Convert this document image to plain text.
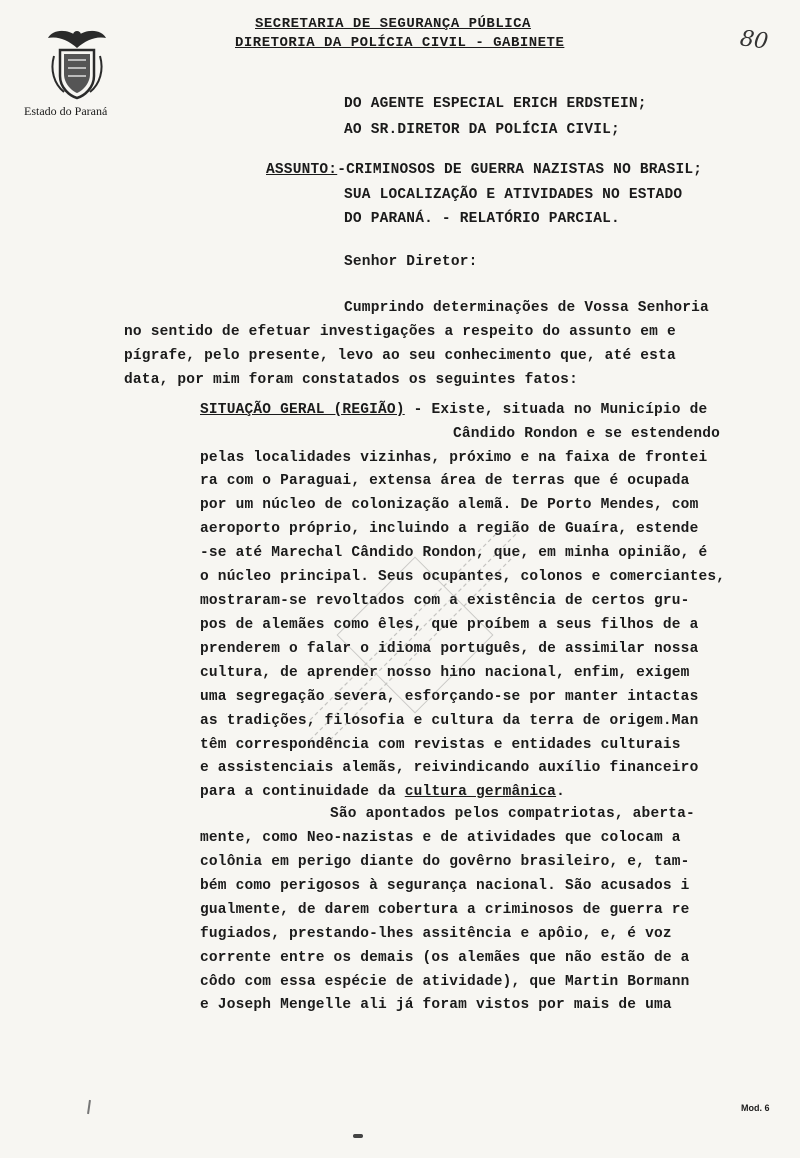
Estado do Paraná
SECRETARIA DE SEGURANÇA PÚBLICA
DIRETORIA DA POLÍCIA CIVIL - GABINETE	80
DO AGENTE ESPECIAL ERICH ERDSTEIN;
AO SR.DIRETOR DA POLÍCIA CIVIL;
ASSUNTO:-CRIMINOSOS DE GUERRA NAZISTAS NO BRASIL;
SUA LOCALIZAÇÃO E ATIVIDADES NO ESTADO
DO PARANÁ. - RELATÓRIO PARCIAL.
Senhor Diretor:
Cumprindo determinações de Vossa Senhoria
no sentido de efetuar investigações a respeito do assunto em e
pígrafe, pelo presente, levo ao seu conhecimento que, até esta
data, por mim foram constatados os seguintes fatos:
SITUAÇÃO GERAL (REGIÃO) - Existe, situada no Município de
Cândido Rondon e se estendendo
pelas localidades vizinhas, próximo e na faixa de frontei
ra com o Paraguai, extensa área de terras que é ocupada
por um núcleo de colonização alemã. De Porto Mendes, com
aeroporto próprio, incluindo a região de Guaíra, estende
-se até Marechal Cândido Rondon, que, em minha opinião, é
o núcleo principal. Seus ocupantes, colonos e comerciantes,
mostraram-se revoltados com a existência de certos gru-
pos de alemães como êles, que proíbem a seus filhos de a
prenderem o falar o idioma português, de assimilar nossa
cultura, de aprender nosso hino nacional, enfim, exigem
uma segregação severa, esforçando-se por manter intactas
as tradições, filosofia e cultura da terra de origem.Man
têm correspondência com revistas e entidades culturais
e assistenciais alemãs, reivindicando auxílio financeiro
para a continuidade da cultura germânica.
São apontados pelos compatriotas, aberta-
mente, como Neo-nazistas e de atividades que colocam a
colônia em perigo diante do govêrno brasileiro, e, tam-
bém como perigosos à segurança nacional. São acusados i
gualmente, de darem cobertura a criminosos de guerra re
fugiados, prestando-lhes assitência e apôio, e, é voz
corrente entre os demais (os alemães que não estão de a
côdo com essa espécie de atividade), que Martin Bormann
e Joseph Mengelle ali já foram vistos por mais de uma
Mod. 6
